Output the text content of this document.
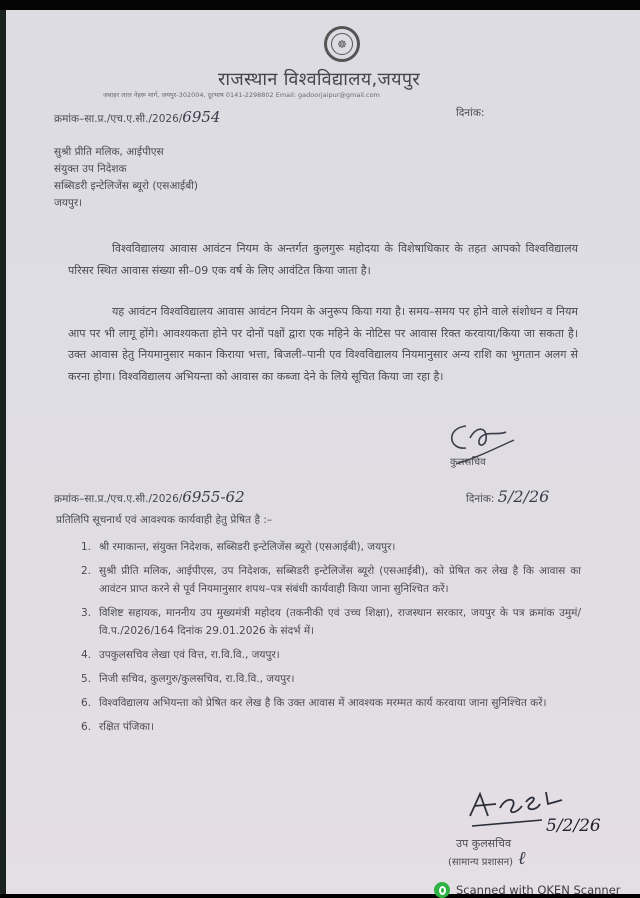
☸
राजस्थान विश्वविद्यालय,जयपुर
जवाहर लाल नेहरू मार्ग, जयपुर-302004, दूरभाष 0141-2298802 Email: gadoorjaipur@gmail.com
क्रमांक–सा.प्र./एच.ए.सी./2026/6954	दिनांक:
सुश्री प्रीति मलिक, आईपीएस
संयुक्त उप निदेशक
सब्सिडरी इन्टेलिजेंस ब्यूरो (एसआईबी)
जयपुर।

विश्वविद्यालय आवास आवंटन नियम के अन्तर्गत कुलगुरू महोदया के विशेषाधिकार के तहत आपको विश्वविद्यालय परिसर स्थित आवास संख्या सी–09 एक वर्ष के लिए आवंटित किया जाता है।

यह आवंटन विश्वविद्यालय आवास आवंटन नियम के अनुरूप किया गया है। समय–समय पर होने वाले संशोधन व नियम आप पर भी लागू होंगे। आवश्यकता होने पर दोनों पक्षों द्वारा एक महिने के नोटिस पर आवास रिक्त करवाया/किया जा सकता है। उक्त आवास हेतु नियमानुसार मकान किराया भत्ता, बिजली–पानी एव विश्वविद्यालय नियमानुसार अन्य राशि का भुगतान अलग से करना होगा। विश्वविद्यालय अभियन्ता को आवास का कब्जा देने के लिये सूचित किया जा रहा है।

कुलसचिव
क्रमांक–सा.प्र./एच.ए.सी./2026/6955-62	दिनांक: 5/2/26
प्रतिलिपि सूचनार्थ एवं आवश्यक कार्यवाही हेतु प्रेषित है :–
1. श्री रमाकान्त, संयुक्त निदेशक, सब्सिडरी इन्टेलिजेंस ब्यूरो (एसआईबी), जयपुर।
2. सुश्री प्रीति मलिक, आईपीएस, उप निदेशक, सब्सिडरी इन्टेलिजेंस ब्यूरो (एसआईबी), को प्रेषित कर लेख है कि आवास का आवंटन प्राप्त करने से पूर्व नियमानुसार शपथ–पत्र संबंधी कार्यवाही किया जाना सुनिश्चित करें।
3. विशिष्ट सहायक, माननीय उप मुख्यमंत्री महोदय (तकनीकी एवं उच्च शिक्षा), राजस्थान सरकार, जयपुर के पत्र क्रमांक उमुमं/वि.प./2026/164 दिनांक 29.01.2026 के संदर्भ में।
4. उपकुलसचिव लेखा एवं वित्त, रा.वि.वि., जयपुर।
5. निजी सचिव, कुलगुरु/कुलसचिव, रा.वि.वि., जयपुर।
6. विश्वविद्यालय अभियन्ता को प्रेषित कर लेख है कि उक्त आवास में आवश्यक मरम्मत कार्य करवाया जाना सुनिश्चित करें।
6. रक्षित पंजिका।
5/2/26
उप कुलसचिव
(सामान्य प्रशासन) ℓ
Scanned with OKEN Scanner
